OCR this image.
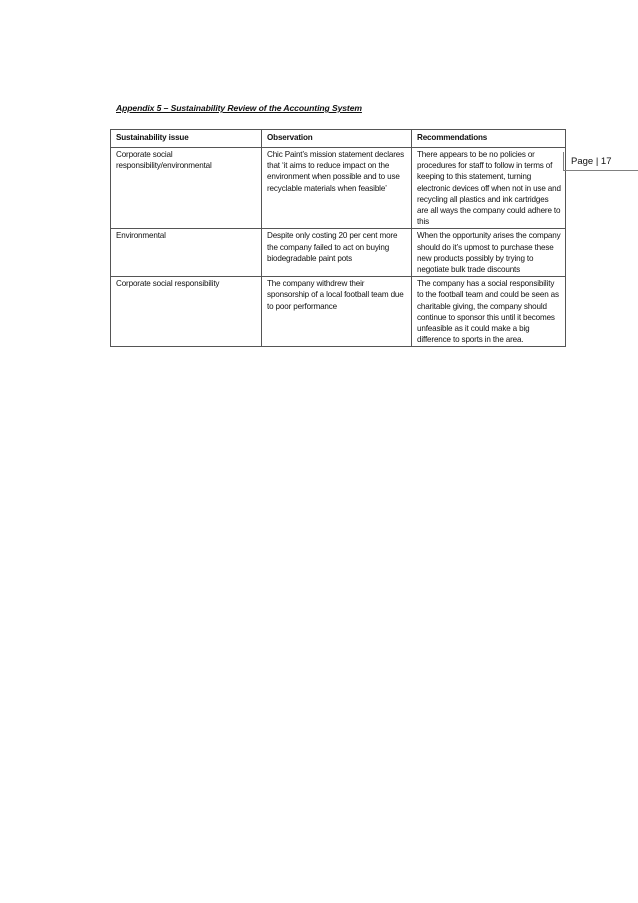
Appendix 5 – Sustainability Review of the Accounting System
Sustainability issue	Observation	Recommendations
Corporate social responsibility/environmental	Chic Paint’s mission statement declares that ‘it aims to reduce impact on the environment when possible and to use recyclable materials when feasible’	There appears to be no policies or procedures for staff to follow in terms of keeping to this statement, turning electronic devices off when not in use and recycling all plastics and ink cartridges are all ways the company could adhere to this
Environmental	Despite only costing 20 per cent more the company failed to act on buying biodegradable paint pots	When the opportunity arises the company should do it’s upmost to purchase these new products possibly by trying to negotiate bulk trade discounts
Corporate social responsibility	The company withdrew their sponsorship of a local football team due to poor performance	The company has a social responsibility to the football team and could be seen as charitable giving, the company should continue to sponsor this until it becomes unfeasible as it could make a big difference to sports in the area.
Page | 17
